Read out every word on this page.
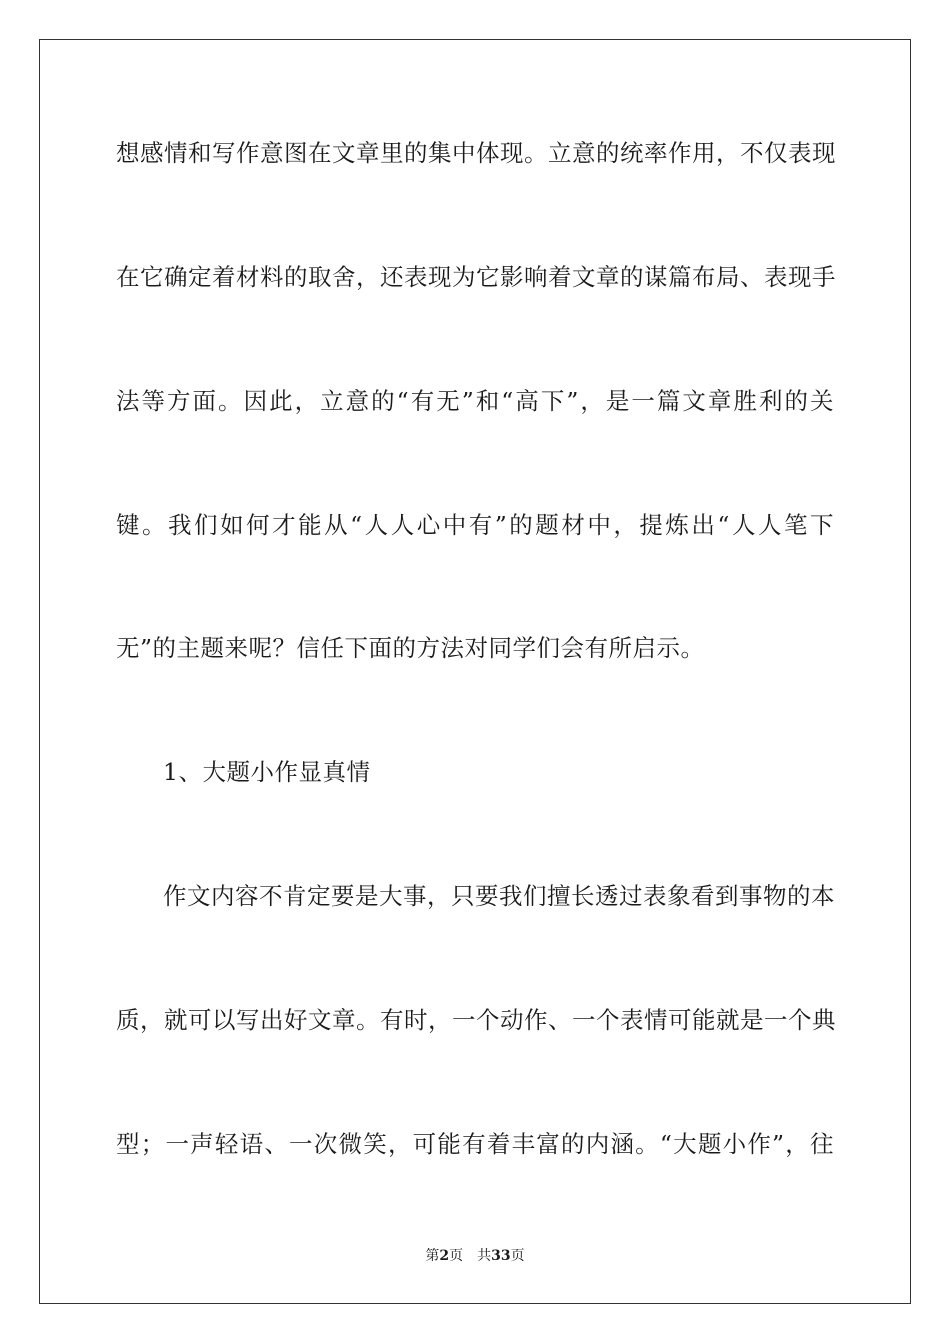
想感情和写作意图在文章里的集中体现。立意的统率作用，不仅表现
在它确定着材料的取舍，还表现为它影响着文章的谋篇布局、表现手
法等方面。因此，立意的“有无”和“高下”，是一篇文章胜利的关
键。我们如何才能从“人人心中有”的题材中，提炼出“人人笔下
无”的主题来呢？信任下面的方法对同学们会有所启示。
1、大题小作显真情
作文内容不肯定要是大事，只要我们擅长透过表象看到事物的本
质，就可以写出好文章。有时，一个动作、一个表情可能就是一个典
型；一声轻语、一次微笑，可能有着丰富的内涵。“大题小作”，往
第2页 共33页
